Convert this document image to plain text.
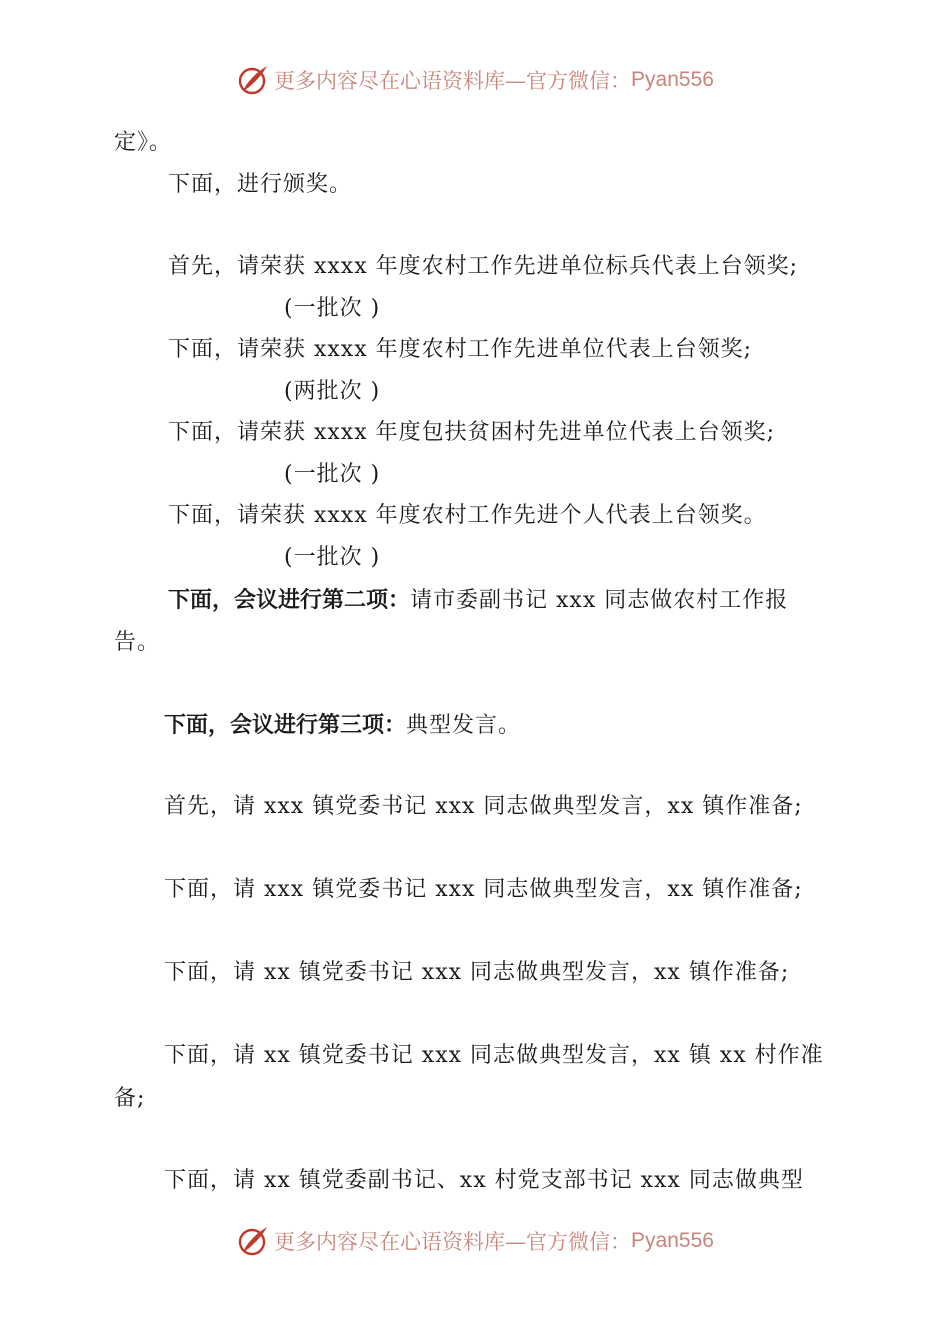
更多内容尽在心语资料库—官方微信： Pyan556
定》。
下面，进行颁奖。
首先，请荣获 xxxx 年度农村工作先进单位标兵代表上台领奖;
(一批次 )
下面，请荣获 xxxx 年度农村工作先进单位代表上台领奖;
(两批次 )
下面，请荣获 xxxx 年度包扶贫困村先进单位代表上台领奖;
(一批次 )
下面，请荣获 xxxx 年度农村工作先进个人代表上台领奖。
(一批次 )
下面，会议进行第二项：请市委副书记 xxx 同志做农村工作报
告。
下面，会议进行第三项：典型发言。
首先，请 xxx 镇党委书记 xxx 同志做典型发言，xx 镇作准备;
下面，请 xxx 镇党委书记 xxx 同志做典型发言，xx 镇作准备;
下面，请 xx 镇党委书记 xxx 同志做典型发言，xx 镇作准备;
下面，请 xx 镇党委书记 xxx 同志做典型发言，xx 镇 xx 村作准
备;
下面，请 xx 镇党委副书记、xx 村党支部书记 xxx 同志做典型
更多内容尽在心语资料库—官方微信： Pyan556
